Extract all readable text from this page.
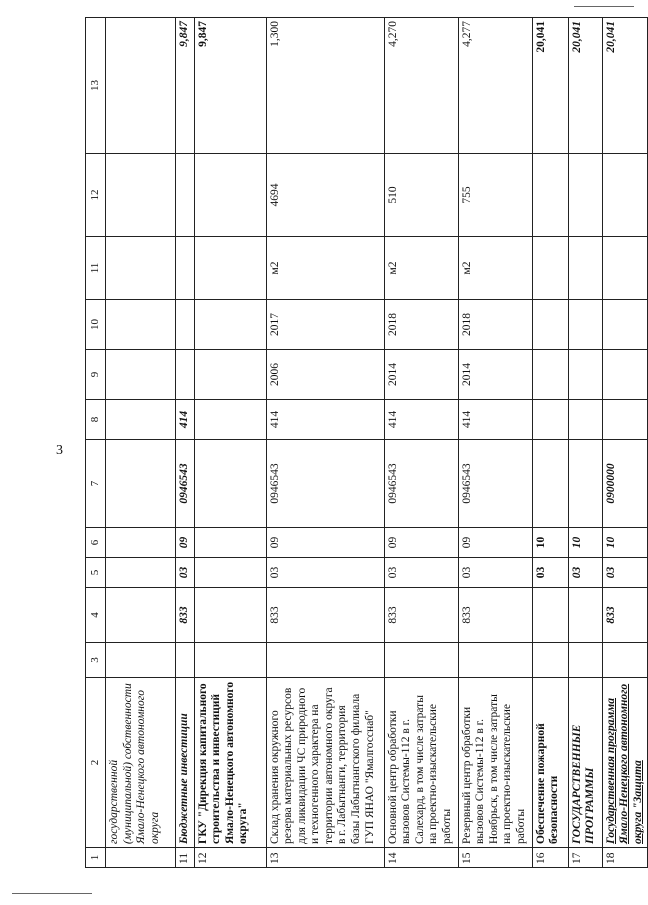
3
1	2	3	4	5	6	7	8	9	10	11	12	13
	государственной (муниципальной) собственности Ямало-Ненецкого автономного округа											
11	Бюджетные инвестиции		833	03	09	0946543	414					9,847
12	ГКУ "Дирекция капитального строительства и инвестиций Ямало-Ненецкого автономного округа"											9,847
13	Склад хранения окружного резерва материальных ресурсов для ликвидации ЧС природного и техногенного характера на территории автономного округа в г. Лабытнанги, территория базы Лабытнангского филиала ГУП ЯНАО "Ямалгосснаб"		833	03	09	0946543	414	2006	2017	м2	4694	1,300
14	Основной центр обработки вызовов Системы-112 в г. Салехард, в том числе затраты на проектно-изыскательские работы		833	03	09	0946543	414	2014	2018	м2	510	4,270
15	Резервный центр обработки вызовов Системы-112 в г. Ноябрьск, в том числе затраты на проектно-изыскательские работы		833	03	09	0946543	414	2014	2018	м2	755	4,277
16	Обеспечение пожарной безопасности			03	10							20,041
17	ГОСУДАРСТВЕННЫЕ ПРОГРАММЫ			03	10							20,041
18	Государственная программа Ямало-Ненецкого автономного округа "Защита		833	03	10	0900000						20,041
